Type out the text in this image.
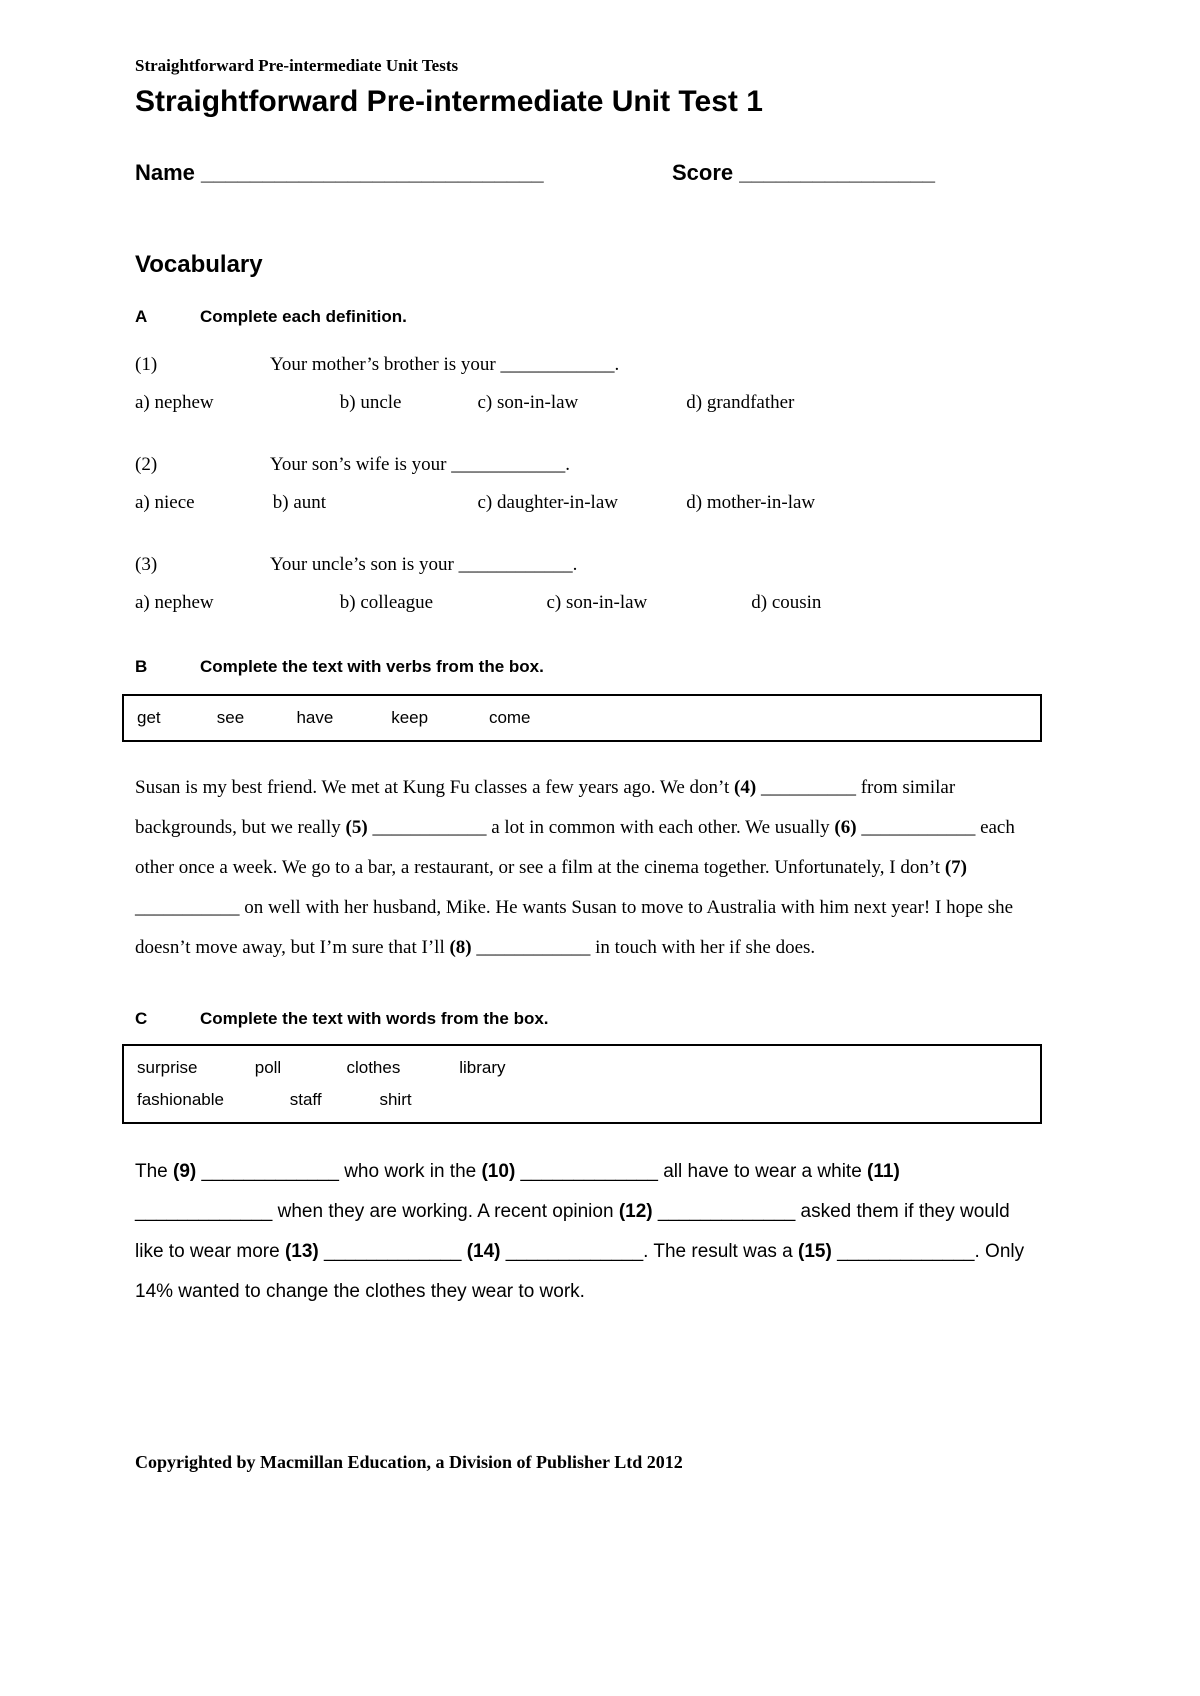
Straightforward Pre-intermediate Unit Tests
Straightforward Pre-intermediate Unit Test 1
Name ____________________________	Score ________________
Vocabulary
A	Complete each definition.
(1)	Your mother’s brother is your ____________.
a) nephew	b) uncle	c) son-in-law	d) grandfather
(2)	Your son’s wife is your ____________.
a) niece	b) aunt	c) daughter-in-law	d) mother-in-law
(3)	Your uncle’s son is your ____________.
a) nephew	b) colleague	c) son-in-law	d) cousin
B	Complete the text with verbs from the box.
get	see	have	keep	come
Susan is my best friend. We met at Kung Fu classes a few years ago. We don’t (4) __________ from similar backgrounds, but we really (5) ____________ a lot in common with each other. We usually (6) ____________ each other once a week. We go to a bar, a restaurant, or see a film at the cinema together. Unfortunately, I don’t (7) ___________ on well with her husband, Mike. He wants Susan to move to Australia with him next year! I hope she doesn’t move away, but I’m sure that I’ll (8) ____________ in touch with her if she does.
C	Complete the text with words from the box.
surprise	poll	clothes	library
fashionable	staff	shirt
The (9) _____________ who work in the (10) _____________ all have to wear a white (11) _____________ when they are working. A recent opinion (12) _____________ asked them if they would like to wear more (13) _____________ (14) _____________. The result was a (15) _____________. Only 14% wanted to change the clothes they wear to work.
Copyrighted by Macmillan Education, a Division of Publisher Ltd 2012
